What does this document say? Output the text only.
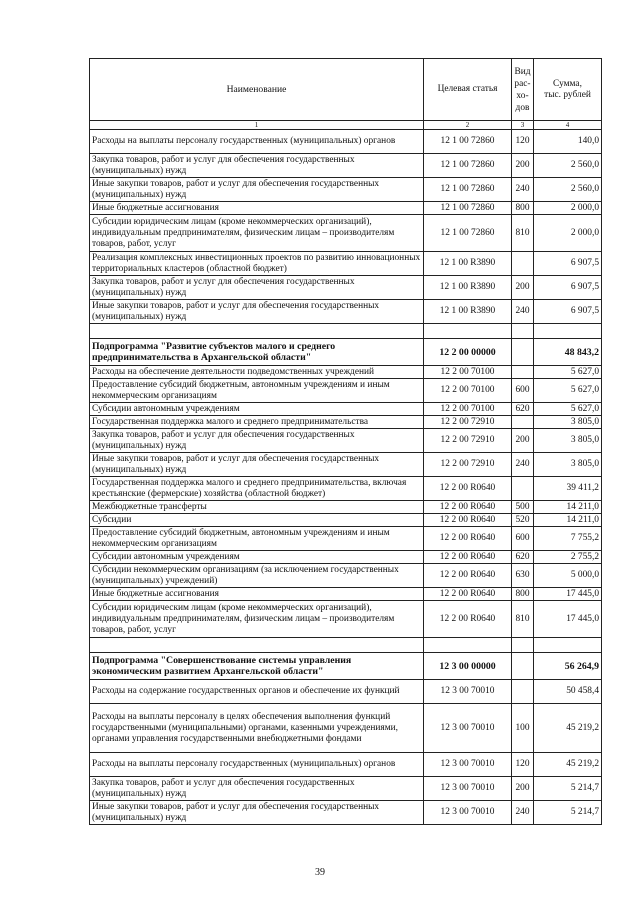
Наименование	Целевая статья	Вид
рас-
хо-
дов	Сумма,
тыс. рублей
1	2	3	4
Расходы на выплаты персоналу государственных (муниципальных) органов	12 1 00 72860	120	140,0
Закупка товаров, работ и услуг для обеспечения государственных (муниципальных) нужд	12 1 00 72860	200	2 560,0
Иные закупки товаров, работ и услуг для обеспечения государственных (муниципальных) нужд	12 1 00 72860	240	2 560,0
Иные бюджетные ассигнования	12 1 00 72860	800	2 000,0
Субсидии юридическим лицам (кроме некоммерческих организаций), индивидуальным предпринимателям, физическим лицам – производителям товаров, работ, услуг	12 1 00 72860	810	2 000,0
Реализация комплексных инвестиционных проектов по развитию инновационных территориальных кластеров (областной бюджет)	12 1 00 R3890		6 907,5
Закупка товаров, работ и услуг для обеспечения государственных (муниципальных) нужд	12 1 00 R3890	200	6 907,5
Иные закупки товаров, работ и услуг для обеспечения государственных (муниципальных) нужд	12 1 00 R3890	240	6 907,5

Подпрограмма "Развитие субъектов малого и среднего предпринимательства в Архангельской области"	12 2 00 00000		48 843,2
Расходы на обеспечение деятельности подведомственных учреждений	12 2 00 70100		5 627,0
Предоставление субсидий бюджетным, автономным учреждениям и иным некоммерческим организациям	12 2 00 70100	600	5 627,0
Субсидии автономным учреждениям	12 2 00 70100	620	5 627,0
Государственная поддержка малого и среднего предпринимательства	12 2 00 72910		3 805,0
Закупка товаров, работ и услуг для обеспечения государственных (муниципальных) нужд	12 2 00 72910	200	3 805,0
Иные закупки товаров, работ и услуг для обеспечения государственных (муниципальных) нужд	12 2 00 72910	240	3 805,0
Государственная поддержка малого и среднего предпринимательства, включая крестьянские (фермерские) хозяйства (областной бюджет)	12 2 00 R0640		39 411,2
Межбюджетные трансферты	12 2 00 R0640	500	14 211,0
Субсидии	12 2 00 R0640	520	14 211,0
Предоставление субсидий бюджетным, автономным учреждениям и иным некоммерческим организациям	12 2 00 R0640	600	7 755,2
Субсидии автономным учреждениям	12 2 00 R0640	620	2 755,2
Субсидии некоммерческим организациям (за исключением государственных (муниципальных) учреждений)	12 2 00 R0640	630	5 000,0
Иные бюджетные ассигнования	12 2 00 R0640	800	17 445,0
Субсидии юридическим лицам (кроме некоммерческих организаций), индивидуальным предпринимателям, физическим лицам – производителям товаров, работ, услуг	12 2 00 R0640	810	17 445,0

Подпрограмма "Совершенствование системы управления экономическим развитием Архангельской области"	12 3 00 00000		56 264,9
Расходы на содержание государственных органов и обеспечение их функций	12 3 00 70010		50 458,4
Расходы на выплаты персоналу в целях обеспечения выполнения функций государственными (муниципальными) органами, казенными учреждениями, органами управления государственными внебюджетными фондами	12 3 00 70010	100	45 219,2
Расходы на выплаты персоналу государственных (муниципальных) органов	12 3 00 70010	120	45 219,2
Закупка товаров, работ и услуг для обеспечения государственных (муниципальных) нужд	12 3 00 70010	200	5 214,7
Иные закупки товаров, работ и услуг для обеспечения государственных (муниципальных) нужд	12 3 00 70010	240	5 214,7
39
